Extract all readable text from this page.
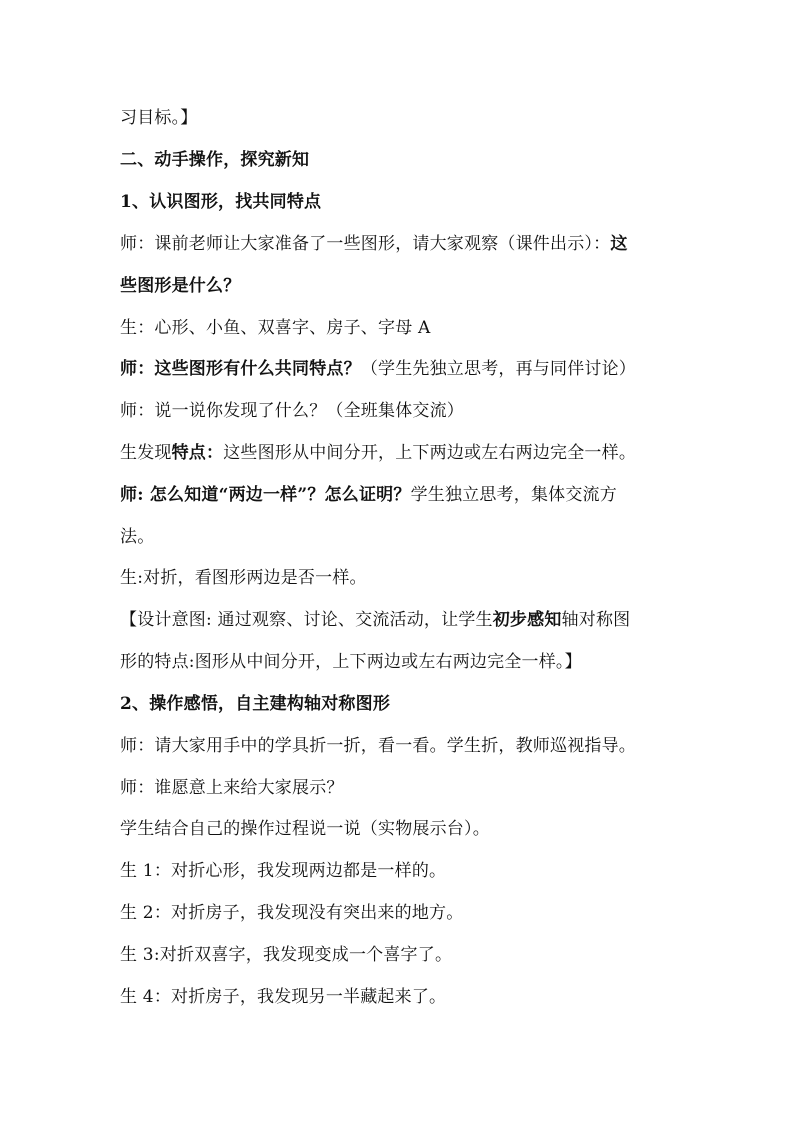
习目标。】
二、动手操作，探究新知
1、认识图形，找共同特点
师：课前老师让大家准备了一些图形，请大家观察（课件出示）：这
些图形是什么？
生：心形、小鱼、双喜字、房子、字母 A
师：这些图形有什么共同特点？（学生先独立思考，再与同伴讨论）
师：说一说你发现了什么？（全班集体交流）
生发现特点：这些图形从中间分开，上下两边或左右两边完全一样。
师: 怎么知道“两边一样”？怎么证明？学生独立思考，集体交流方
法。
生:对折，看图形两边是否一样。
【设计意图: 通过观察、讨论、交流活动，让学生初步感知轴对称图
形的特点:图形从中间分开，上下两边或左右两边完全一样。】
2、操作感悟，自主建构轴对称图形
师：请大家用手中的学具折一折，看一看。学生折，教师巡视指导。
师：谁愿意上来给大家展示？
学生结合自己的操作过程说一说（实物展示台）。
生 1：对折心形，我发现两边都是一样的。
生 2：对折房子，我发现没有突出来的地方。
生 3:对折双喜字，我发现变成一个喜字了。
生 4：对折房子，我发现另一半藏起来了。
